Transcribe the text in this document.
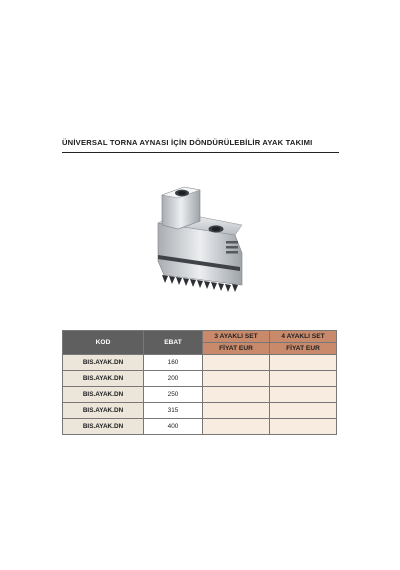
ÜNİVERSAL TORNA AYNASI İÇİN DÖNDÜRÜLEBİLİR AYAK TAKIMI
KOD	EBAT	3 AYAKLI SET	4 AYAKLI SET
		FİYAT EUR	FİYAT EUR
BIS.AYAK.DN	160		
BIS.AYAK.DN	200		
BIS.AYAK.DN	250		
BIS.AYAK.DN	315		
BIS.AYAK.DN	400		
